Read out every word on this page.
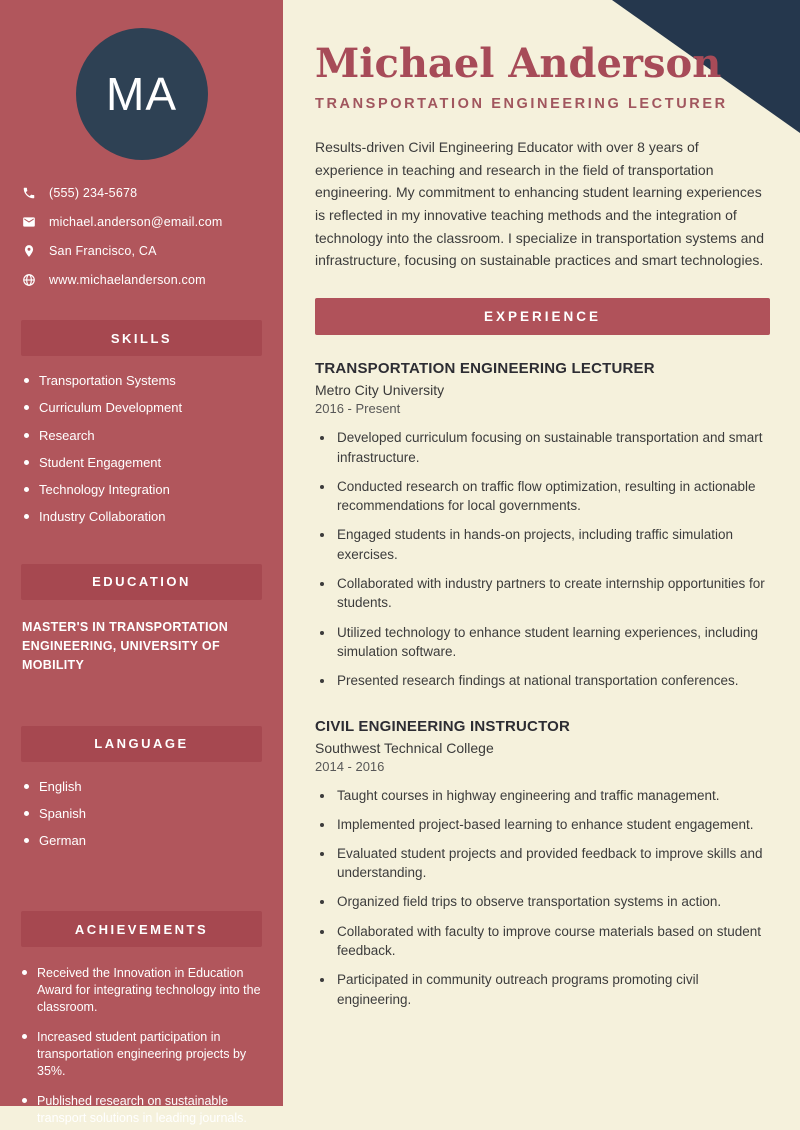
MA
(555) 234-5678
michael.anderson@email.com
San Francisco, CA
www.michaelanderson.com
SKILLS
Transportation Systems
Curriculum Development
Research
Student Engagement
Technology Integration
Industry Collaboration
EDUCATION
MASTER'S IN TRANSPORTATION ENGINEERING, UNIVERSITY OF MOBILITY
LANGUAGE
English
Spanish
German
ACHIEVEMENTS
Received the Innovation in Education Award for integrating technology into the classroom.
Increased student participation in transportation engineering projects by 35%.
Published research on sustainable transport solutions in leading journals.
Michael Anderson
TRANSPORTATION ENGINEERING LECTURER

Results-driven Civil Engineering Educator with over 8 years of experience in teaching and research in the field of transportation engineering. My commitment to enhancing student learning experiences is reflected in my innovative teaching methods and the integration of technology into the classroom. I specialize in transportation systems and infrastructure, focusing on sustainable practices and smart technologies.

EXPERIENCE
TRANSPORTATION ENGINEERING LECTURER
Metro City University
2016 - Present
• Developed curriculum focusing on sustainable transportation and smart infrastructure.
• Conducted research on traffic flow optimization, resulting in actionable recommendations for local governments.
• Engaged students in hands-on projects, including traffic simulation exercises.
• Collaborated with industry partners to create internship opportunities for students.
• Utilized technology to enhance student learning experiences, including simulation software.
• Presented research findings at national transportation conferences.
CIVIL ENGINEERING INSTRUCTOR
Southwest Technical College
2014 - 2016
• Taught courses in highway engineering and traffic management.
• Implemented project-based learning to enhance student engagement.
• Evaluated student projects and provided feedback to improve skills and understanding.
• Organized field trips to observe transportation systems in action.
• Collaborated with faculty to improve course materials based on student feedback.
• Participated in community outreach programs promoting civil engineering.
